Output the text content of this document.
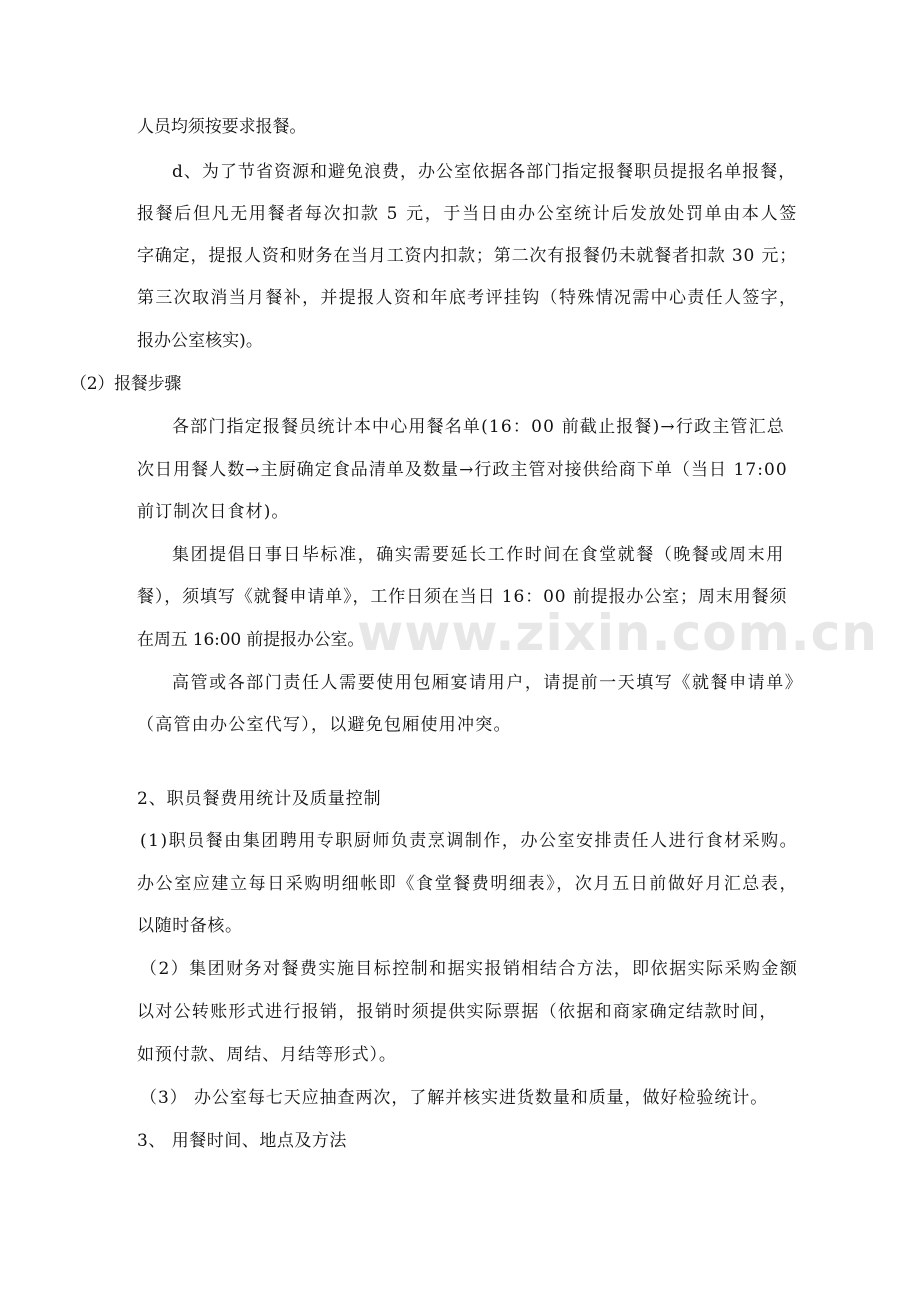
人员均须按要求报餐。
d、为了节省资源和避免浪费，办公室依据各部门指定报餐职员提报名单报餐，
报餐后但凡无用餐者每次扣款 5 元，于当日由办公室统计后发放处罚单由本人签
字确定，提报人资和财务在当月工资内扣款；第二次有报餐仍未就餐者扣款 30 元；
第三次取消当月餐补，并提报人资和年底考评挂钩（特殊情况需中心责任人签字，
报办公室核实)。
（2）报餐步骤
各部门指定报餐员统计本中心用餐名单(16：00 前截止报餐)→行政主管汇总
次日用餐人数→主厨确定食品清单及数量→行政主管对接供给商下单（当日 17:00
前订制次日食材)。
集团提倡日事日毕标准，确实需要延长工作时间在食堂就餐（晚餐或周末用
餐），须填写《就餐申请单》，工作日须在当日 16：00 前提报办公室；周末用餐须
在周五 16:00 前提报办公室。
高管或各部门责任人需要使用包厢宴请用户，请提前一天填写《就餐申请单》
（高管由办公室代写），以避免包厢使用冲突。
2、职员餐费用统计及质量控制
(1)职员餐由集团聘用专职厨师负责烹调制作，办公室安排责任人进行食材采购。
办公室应建立每日采购明细帐即《食堂餐费明细表》，次月五日前做好月汇总表，
以随时备核。
（2）集团财务对餐费实施目标控制和据实报销相结合方法，即依据实际采购金额
以对公转账形式进行报销，报销时须提供实际票据（依据和商家确定结款时间，
如预付款、周结、月结等形式）。
（3） 办公室每七天应抽查两次，了解并核实进货数量和质量，做好检验统计。
3、 用餐时间、地点及方法
www.zixin.com.cn
